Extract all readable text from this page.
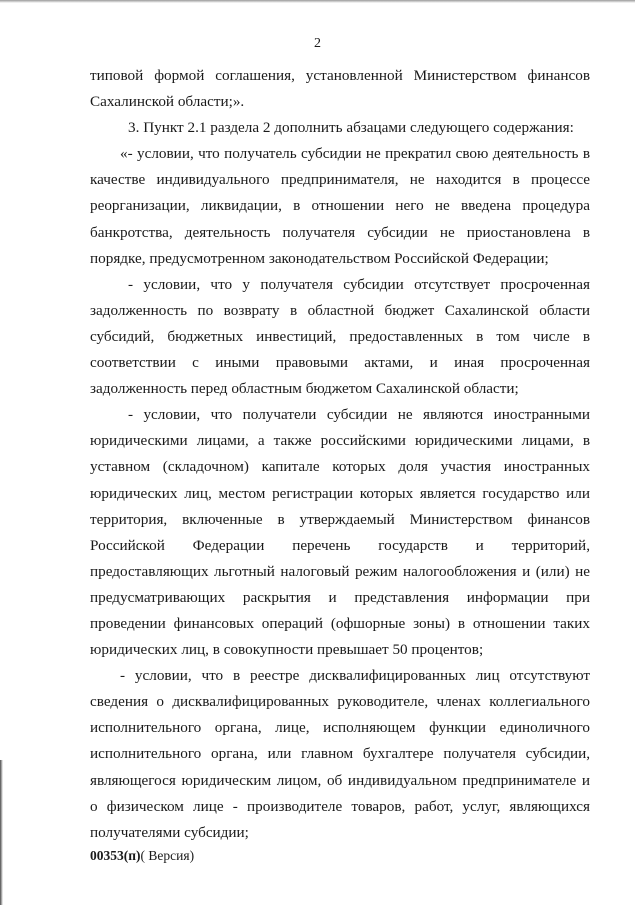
2

типовой формой соглашения, установленной Министерством финансов Сахалинской области;».

3. Пункт 2.1 раздела 2 дополнить абзацами следующего содержания:

«- условии, что получатель субсидии не прекратил свою деятельность в качестве индивидуального предпринимателя, не находится в процессе реорганизации, ликвидации, в отношении него не введена процедура банкротства, деятельность получателя субсидии не приостановлена в порядке, предусмотренном законодательством Российской Федерации;

- условии, что у получателя субсидии отсутствует просроченная задолженность по возврату в областной бюджет Сахалинской области субсидий, бюджетных инвестиций, предоставленных в том числе в соответствии с иными правовыми актами, и иная просроченная задолженность перед областным бюджетом Сахалинской области;

- условии, что получатели субсидии не являются иностранными юридическими лицами, а также российскими юридическими лицами, в уставном (складочном) капитале которых доля участия иностранных юридических лиц, местом регистрации которых является государство или территория, включенные в утверждаемый Министерством финансов Российской Федерации перечень государств и территорий, предоставляющих льготный налоговый режим налогообложения и (или) не предусматривающих раскрытия и представления информации при проведении финансовых операций (офшорные зоны) в отношении таких юридических лиц, в совокупности превышает 50 процентов;

- условии, что в реестре дисквалифицированных лиц отсутствуют сведения о дисквалифицированных руководителе, членах коллегиального исполнительного органа, лице, исполняющем функции единоличного исполнительного органа, или главном бухгалтере получателя субсидии, являющегося юридическим лицом, об индивидуальном предпринимателе и о физическом лице - производителе товаров, работ, услуг, являющихся получателями субсидии;

00353(п)( Версия)
